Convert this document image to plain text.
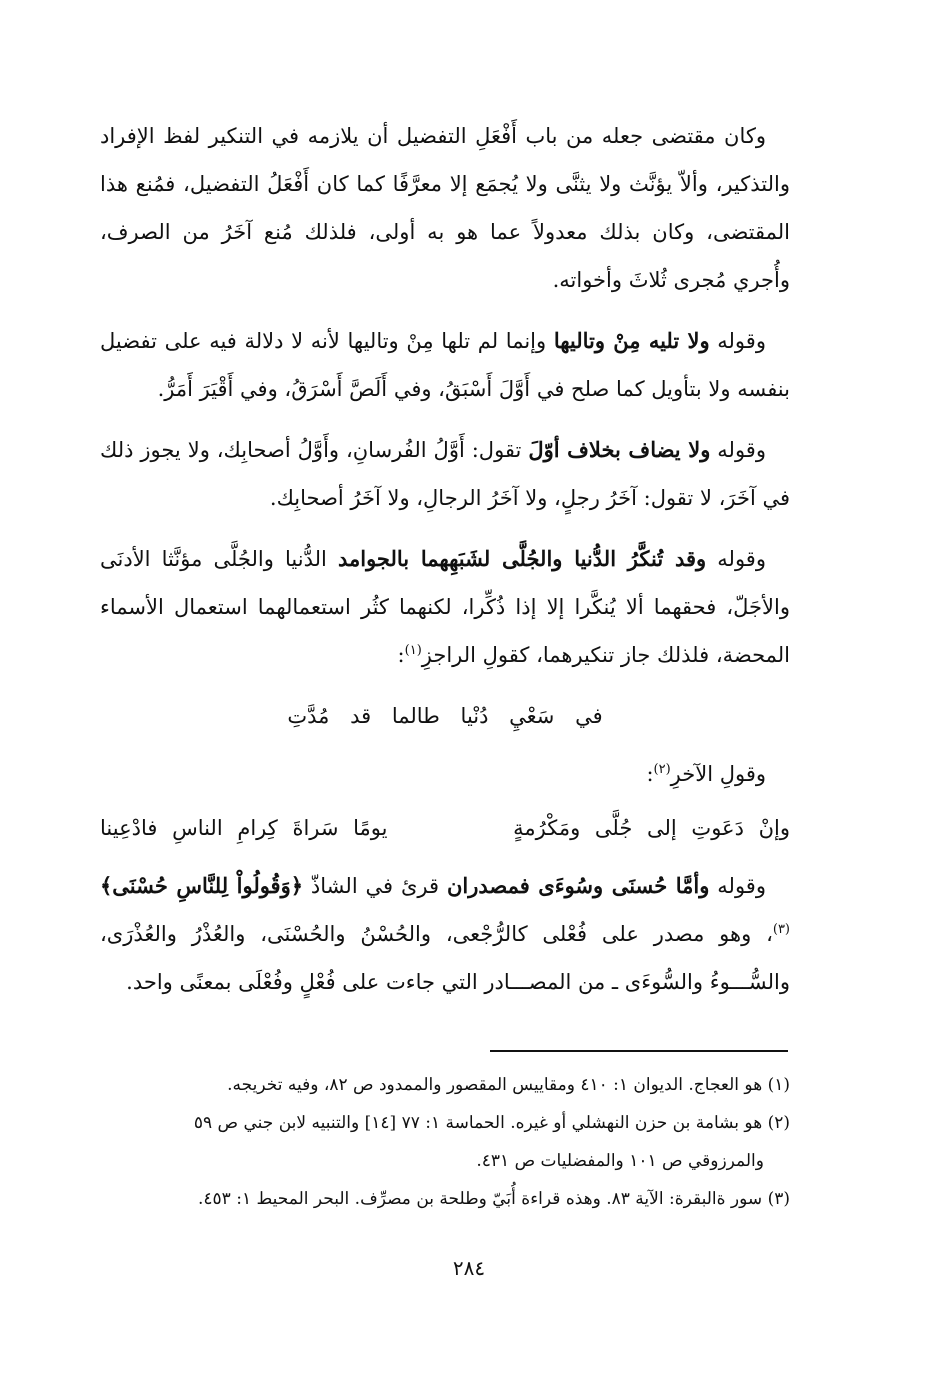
وكان مقتضى جعله من باب أَفْعَلِ التفضيل أن يلازمه في التنكير لفظ الإفراد والتذكير، وألاّ يؤنَّث ولا يثنَّى ولا يُجمَع إلا معرَّفًا كما كان أَفْعَلُ التفضيل، فمُنع هذا المقتضى، وكان بذلك معدولاً عما هو به أولى، فلذلك مُنع آخَرُ من الصرف، وأُجري مُجرى ثُلاثَ وأخواته.

وقوله ولا تليه مِنْ وتاليها وإنما لم تلها مِنْ وتاليها لأنه لا دلالة فيه على تفضيل بنفسه ولا بتأويل كما صلح في أَوَّلَ أَسْبَقُ، وفي أَلَصَّ أَسْرَقُ، وفي أَقْيَرَ أَمَرُّ.

وقوله ولا يضاف بخلاف أوّلَ تقول: أَوَّلُ الفُرسانِ، وأَوَّلُ أصحابِك، ولا يجوز ذلك في آخَرَ، لا تقول: آخَرُ رجلٍ، ولا آخَرُ الرجالِ، ولا آخَرُ أصحابِك.

وقوله وقد تُنكَّرُ الدُّنيا والجُلَّى لشَبَهِهما بالجوامد الدُّنيا والجُلَّى مؤنَّثا الأدنَى والأجَلّ، فحقهما ألا يُنكَّرا إلا إذا ذُكِّرا، لكنهما كثُر استعمالهما استعمال الأسماء المحضة، فلذلك جاز تنكيرهما، كقولِ الراجزِ$^{(١)}$:

في سَعْيِ دُنْيا طالما قد مُدَّتِ
وقولِ الآخرِ$^{(٢)}$:
وإنْ دَعَوتِ إلى جُلَّى ومَكْرُمةٍ
يومًا سَراةَ كِرامِ الناسِ فادْعِينا

وقوله وأمَّا حُسنَى وسُوءَى فمصدران قرئ في الشاذّ ﴿وَقُولُواْ لِلنَّاسِ حُسْنَى﴾$^{(٣)}$، وهو مصدر على فُعْلى كالرُّجْعى، والحُسْنُ والحُسْنَى، والعُذْرُ والعُذْرَى، والسُّـــوءُ والسُّوءَى ـ من المصـــادر التي جاءت على فُعْلٍ وفُعْلَى بمعنًى واحد.

(١) هو العجاج. الديوان ١: ٤١٠ ومقاييس المقصور والممدود ص ٨٢، وفيه تخريجه.
(٢) هو بشامة بن حزن النهشلي أو غيره. الحماسة ١: ٧٧ [١٤] والتنبيه لابن جني ص ٥٩
والمرزوقي ص ١٠١ والمفضليات ص ٤٣١.
(٣) سور ةالبقرة: الآية ٨٣. وهذه قراءة أُبَيّ وطلحة بن مصرِّف. البحر المحيط ١: ٤٥٣.
٢٨٤
